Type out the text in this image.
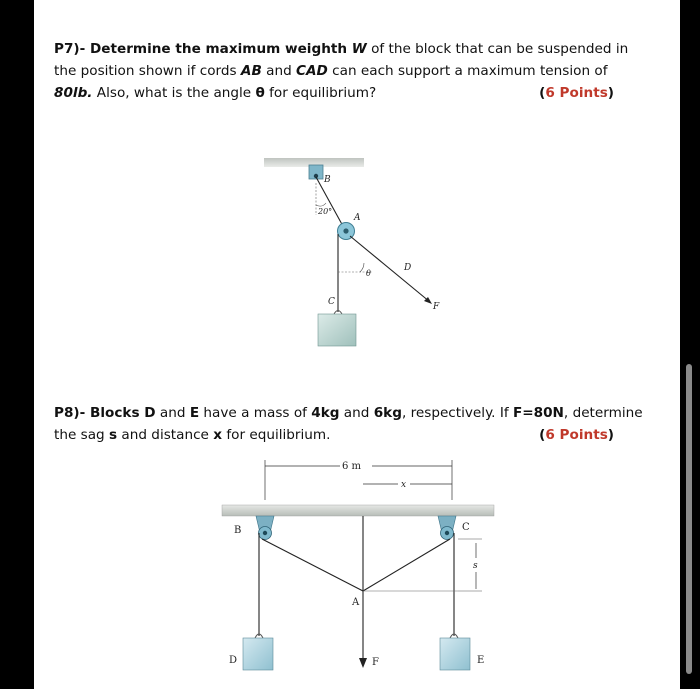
P7)- Determine the maximum weighth W of the block that can be suspended in
the position shown if cords AB and CAD can each support a maximum tension of
80lb. Also, what is the angle θ for equilibrium?	(6 Points)
B
20°
A
θ
D
F
C
P8)- Blocks D and E have a mass of 4kg and 6kg, respectively. If F=80N, determine
the sag s and distance x for equilibrium.	(6 Points)
6 m
x
s
B	C
A
D	E
F
